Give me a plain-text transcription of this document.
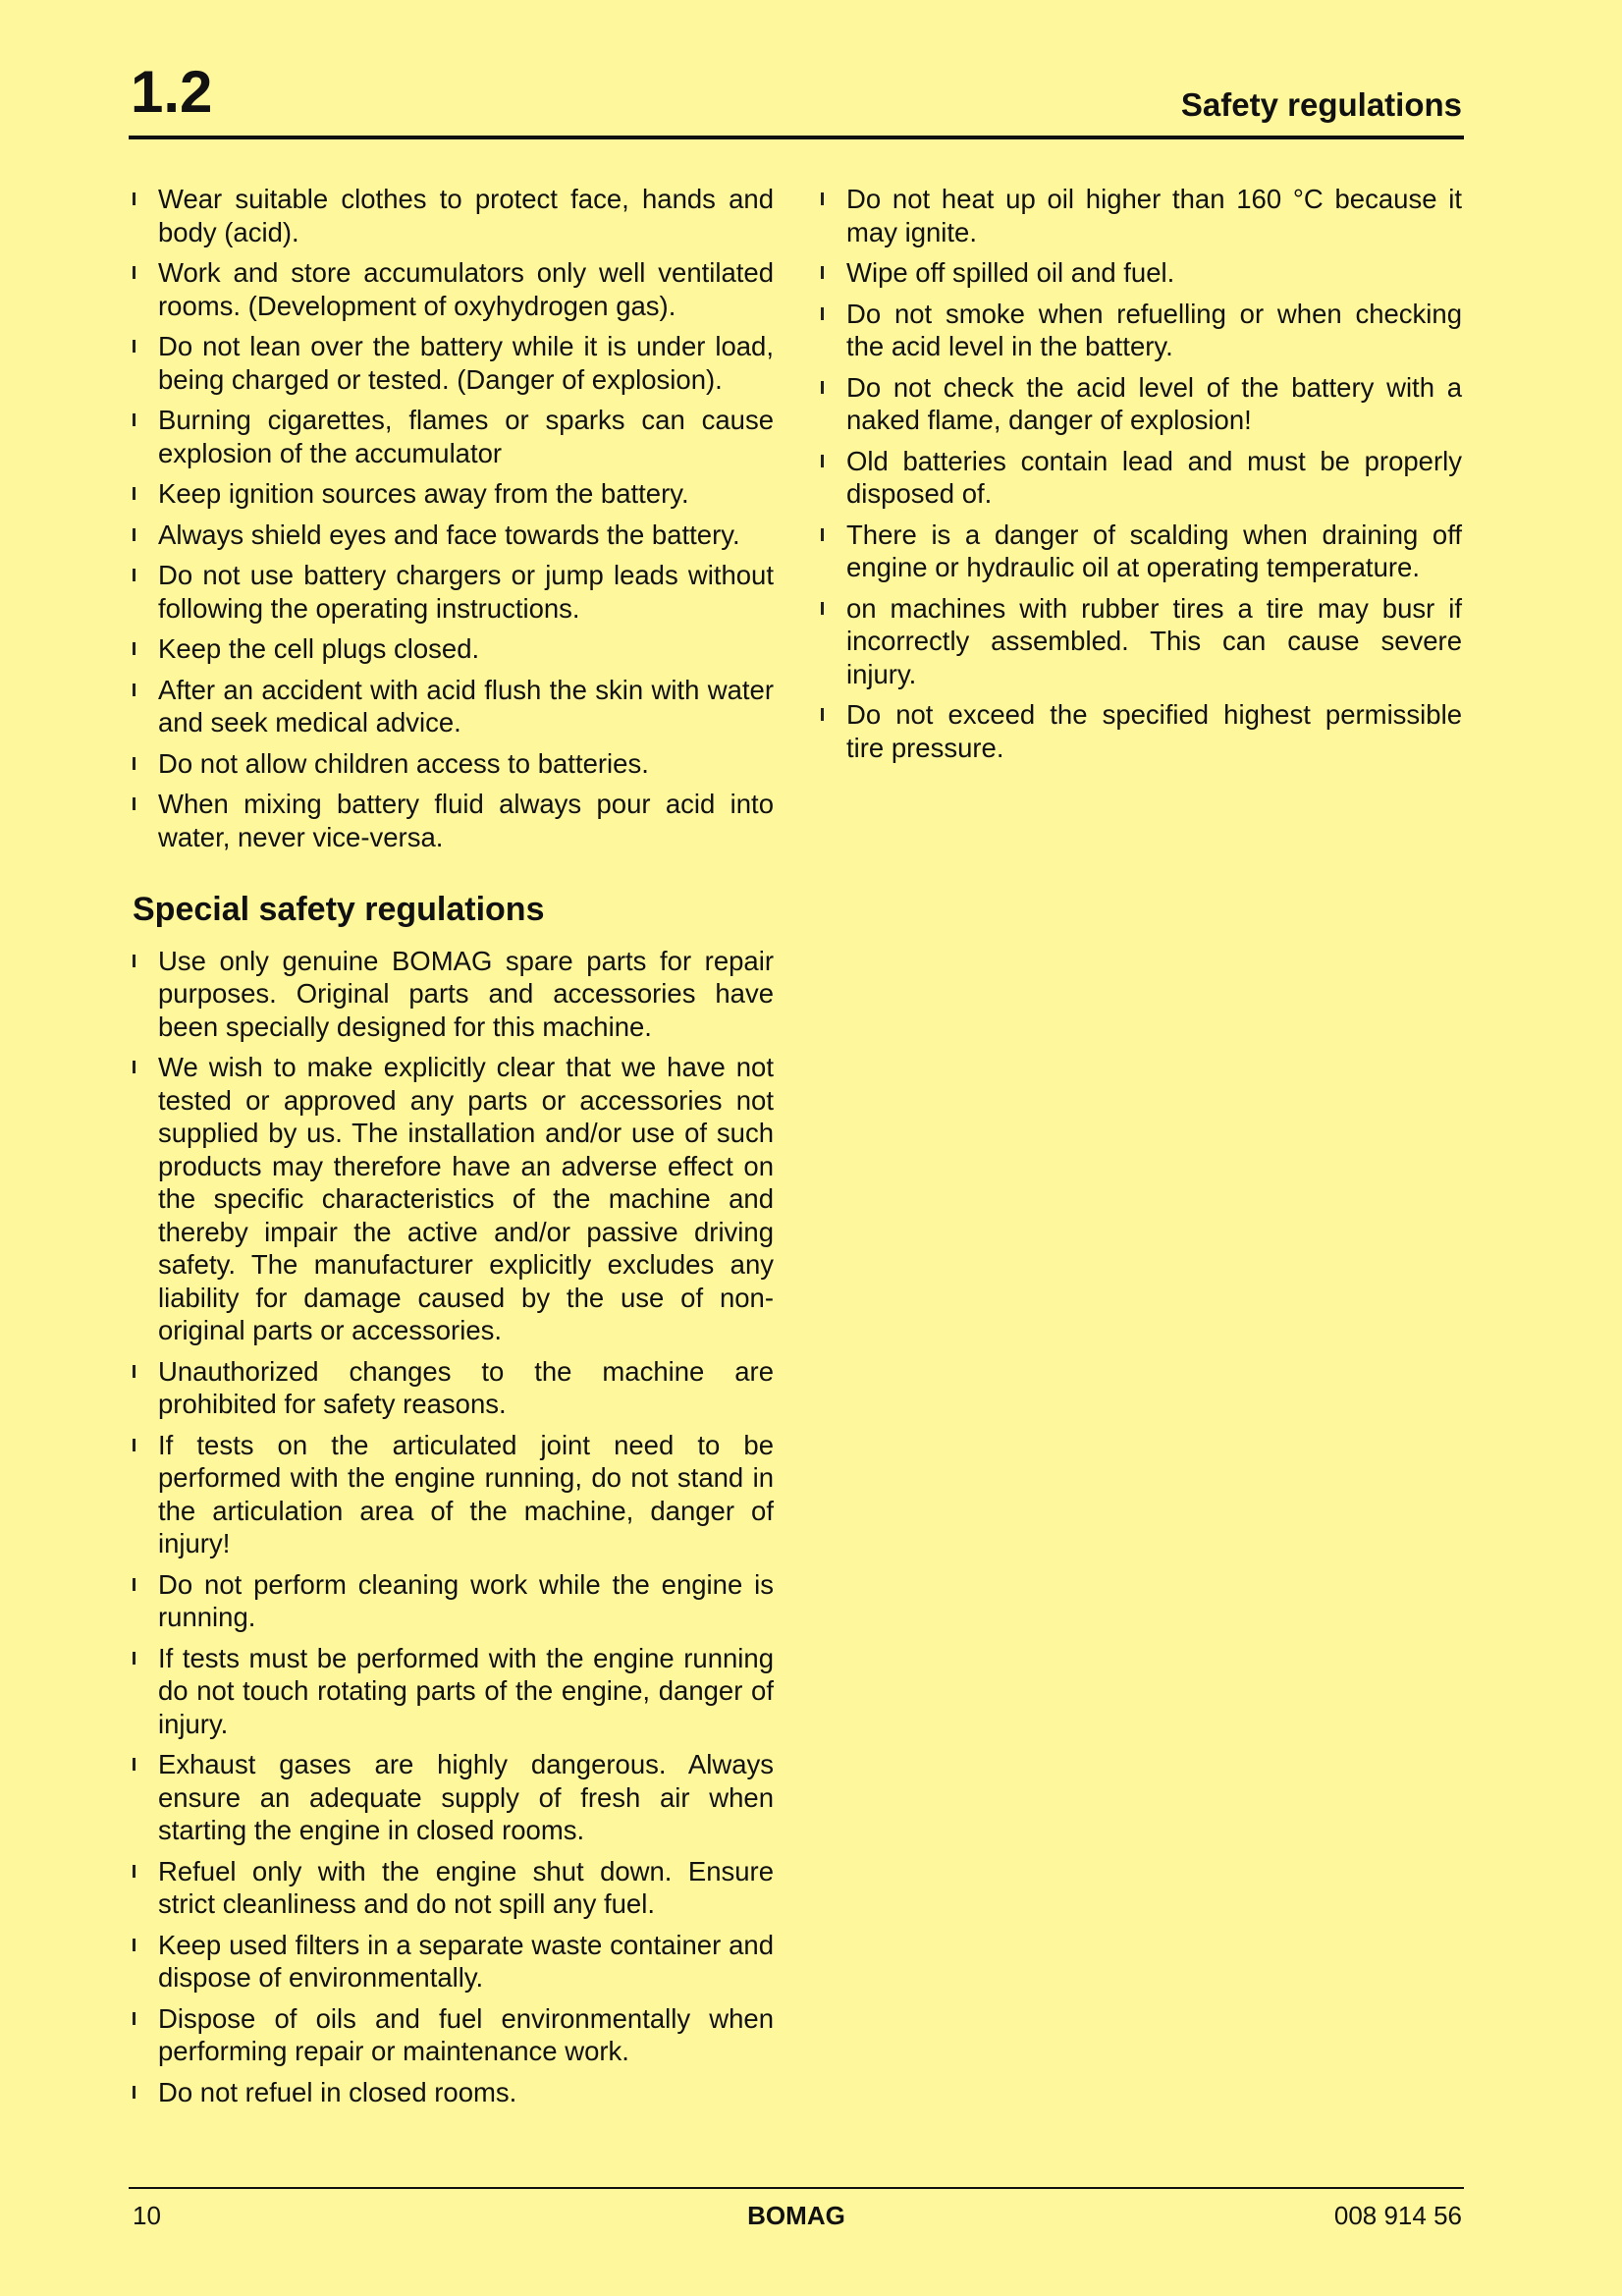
1.2	Safety regulations
Wear suitable clothes to protect face, hands and body (acid).
Work and store accumulators only well ventilated rooms. (Development of oxyhydrogen gas).
Do not lean over the battery while it is under load, being charged or tested. (Danger of explosion).
Burning cigarettes, flames or sparks can cause explosion of the accumulator
Keep ignition sources away from the battery.
Always shield eyes and face towards the battery.
Do not use battery chargers or jump leads without following the operating instructions.
Keep the cell plugs closed.
After an accident with acid flush the skin with water and seek medical advice.
Do not allow children access to batteries.
When mixing battery fluid always pour acid into water, never vice-versa.
Special safety regulations
Use only genuine BOMAG spare parts for repair purposes. Original parts and accessories have been specially designed for this machine.
We wish to make explicitly clear that we have not tested or approved any parts or accessories not supplied by us. The installation and/or use of such products may therefore have an adverse effect on the specific characteristics of the machine and thereby impair the active and/or passive driving safety. The manufacturer explicitly excludes any liability for damage caused by the use of non-original parts or accessories.
Unauthorized changes to the machine are prohibited for safety reasons.
If tests on the articulated joint need to be performed with the engine running, do not stand in the articulation area of the machine, danger of injury!
Do not perform cleaning work while the engine is running.
If tests must be performed with the engine running do not touch rotating parts of the engine, danger of injury.
Exhaust gases are highly dangerous. Always ensure an adequate supply of fresh air when starting the engine in closed rooms.
Refuel only with the engine shut down. Ensure strict cleanliness and do not spill any fuel.
Keep used filters in a separate waste container and dispose of environmentally.
Dispose of oils and fuel environmentally when performing repair or maintenance work.
Do not refuel in closed rooms.
Do not heat up oil higher than 160 °C because it may ignite.
Wipe off spilled oil and fuel.
Do not smoke when refuelling or when checking the acid level in the battery.
Do not check the acid level of the battery with a naked flame, danger of explosion!
Old batteries contain lead and must be properly disposed of.
There is a danger of scalding when draining off engine or hydraulic oil at operating temperature.
on machines with rubber tires a tire may busr if incorrectly assembled. This can cause severe injury.
Do not exceed the specified highest permissible tire pressure.
10	BOMAG	008 914 56
